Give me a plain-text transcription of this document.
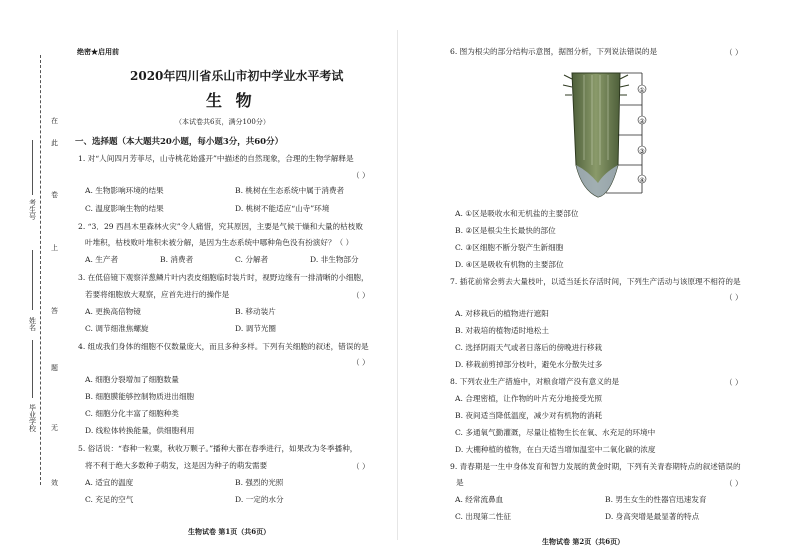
在
此
卷
上
答
题
无
效
考生号
姓名
毕业学校
绝密★启用前
2020年四川省乐山市初中学业水平考试
生 物
（本试卷共6页，满分100分）
一、选择题（本大题共20小题，每小题3分，共60分）
1. 对“人间四月芳菲尽，山寺桃花始盛开”中描述的自然现象，合理的生物学解释是
（ ）
A. 生物影响环境的结果	B. 桃树在生态系统中属于消费者
C. 温度影响生物的结果	D. 桃树不能适应“山寺”环境
2. “3．29 西昌木里森林火灾”令人痛惜，究其原因，主要是气候干燥和大量的枯枝败
叶堆积，枯枝败叶堆积未被分解，是因为生态系统中哪种角色没有扮演好？（ ）
A. 生产者	B. 消费者	C. 分解者	D. 非生物部分
3. 在低倍镜下观察洋葱鳞片叶内表皮细胞临时装片时，视野边缘有一排清晰的小细胞，
若要将细胞放大观察，应首先进行的操作是	（ ）
A. 更换高倍物镜	B. 移动装片
C. 调节细准焦螺旋	D. 调节光圈
4. 组成我们身体的细胞不仅数量庞大，而且多种多样。下列有关细胞的叙述，错误的是
（ ）
A. 细胞分裂增加了细胞数量
B. 细胞膜能够控制物质进出细胞
C. 细胞分化丰富了细胞种类
D. 线粒体转换能量，供细胞利用
5. 俗话说：“春种一粒粟，秋收万颗子。”播种大都在春季进行，如果改为冬季播种，
将不利于绝大多数种子萌发，这是因为种子的萌发需要	（ ）
A. 适宜的温度	B. 强烈的光照
C. 充足的空气	D. 一定的水分
生物试卷 第1页（共6页）
6. 图为根尖的部分结构示意图，据图分析，下列说法错误的是	（ ）
①
②
③
④
A. ①区是吸收水和无机盐的主要部位
B. ②区是根尖生长最快的部位
C. ③区细胞不断分裂产生新细胞
D. ④区是吸收有机物的主要部位
7. 插花前常会剪去大量枝叶，以适当延长存活时间，下列生产活动与该原理不相符的是
（ ）
A. 对移栽后的植物进行遮阳
B. 对栽培的植物适时地松土
C. 选择阴雨天气或者日落后的傍晚进行移栽
D. 移栽前剪掉部分枝叶，避免水分散失过多
8. 下列农业生产措施中，对粮食增产没有意义的是	（ ）
A. 合理密植，让作物的叶片充分地接受光照
B. 夜间适当降低温度，减少对有机物的消耗
C. 多通氧气勤灌溉，尽量让植物生长在氧、水充足的环境中
D. 大棚种植的植物，在白天适当增加温室中二氧化碳的浓度
9. 青春期是一生中身体发育和智力发展的黄金时期，下列有关青春期特点的叙述错误的
是	（ ）
A. 经常流鼻血	B. 男生女生的性器官迅速发育
C. 出现第二性征	D. 身高突增是最显著的特点
生物试卷 第2页（共6页）
